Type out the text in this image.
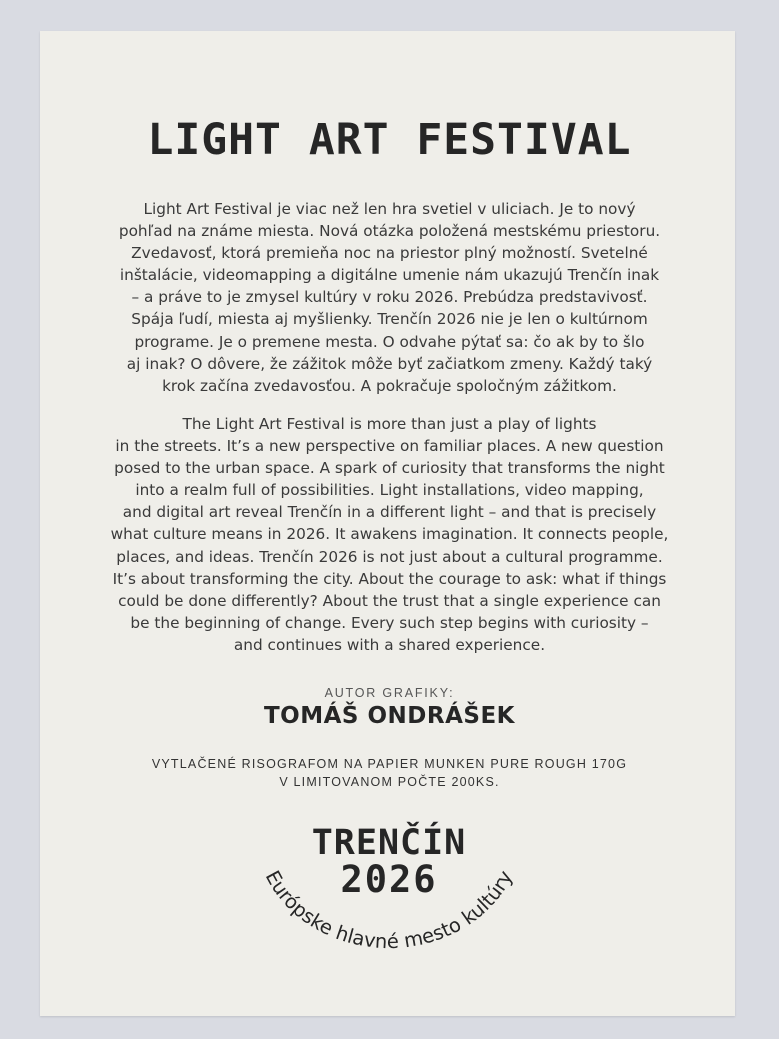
LIGHT ART FESTIVAL

Light Art Festival je viac než len hra svetiel v uliciach. Je to nový
pohľad na známe miesta. Nová otázka položená mestskému priestoru.
Zvedavosť, ktorá premieňa noc na priestor plný možností. Svetelné
inštalácie, videomapping a digitálne umenie nám ukazujú Trenčín inak
– a práve to je zmysel kultúry v roku 2026. Prebúdza predstavivosť.
Spája ľudí, miesta aj myšlienky. Trenčín 2026 nie je len o kultúrnom
programe. Je o premene mesta. O odvahe pýtať sa: čo ak by to šlo
aj inak? O dôvere, že zážitok môže byť začiatkom zmeny. Každý taký
krok začína zvedavosťou. A pokračuje spoločným zážitkom.

The Light Art Festival is more than just a play of lights
in the streets. It’s a new perspective on familiar places. A new question
posed to the urban space. A spark of curiosity that transforms the night
into a realm full of possibilities. Light installations, video mapping,
and digital art reveal Trenčín in a different light – and that is precisely
what culture means in 2026. It awakens imagination. It connects people,
places, and ideas. Trenčín 2026 is not just about a cultural programme.
It’s about transforming the city. About the courage to ask: what if things
could be done differently? About the trust that a single experience can
be the beginning of change. Every such step begins with curiosity –
and continues with a shared experience.

AUTOR GRAFIKY:
TOMÁŠ ONDRÁŠEK
VYTLAČENÉ RISOGRAFOM NA PAPIER MUNKEN PURE ROUGH 170G
V LIMITOVANOM POČTE 200KS.
TRENČÍN
2026
Európske hlavné mesto kultúry
